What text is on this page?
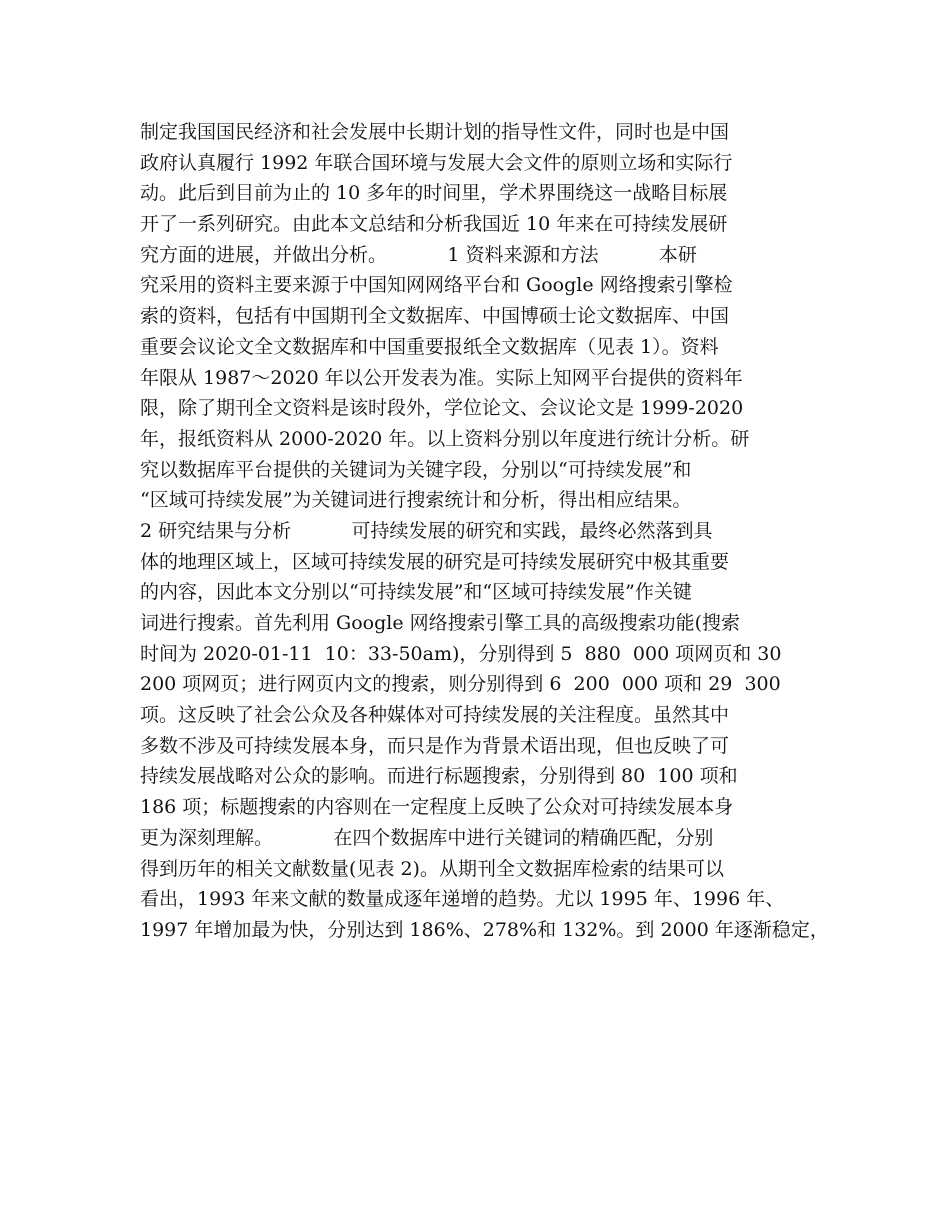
制定我国国民经济和社会发展中长期计划的指导性文件，同时也是中国
政府认真履行 1992 年联合国环境与发展大会文件的原则立场和实际行
动。此后到目前为止的 10 多年的时间里，学术界围绕这一战略目标展
开了一系列研究。由此本文总结和分析我国近 10 年来在可持续发展研
究方面的进展，并做出分析。          1 资料来源和方法          本研
究采用的资料主要来源于中国知网网络平台和 Google 网络搜索引擎检
索的资料，包括有中国期刊全文数据库、中国博硕士论文数据库、中国
重要会议论文全文数据库和中国重要报纸全文数据库（见表 1）。资料
年限从 1987～2020 年以公开发表为准。实际上知网平台提供的资料年
限，除了期刊全文资料是该时段外，学位论文、会议论文是 1999-2020
年，报纸资料从 2000-2020 年。以上资料分别以年度进行统计分析。研
究以数据库平台提供的关键词为关键字段，分别以“可持续发展”和
“区域可持续发展”为关键词进行搜索统计和分析，得出相应结果。
2 研究结果与分析          可持续发展的研究和实践，最终必然落到具
体的地理区域上，区域可持续发展的研究是可持续发展研究中极其重要
的内容，因此本文分别以“可持续发展”和“区域可持续发展”作关键
词进行搜索。首先利用 Google 网络搜索引擎工具的高级搜索功能(搜索
时间为 2020-01-11  10：33-50am)，分别得到 5  880  000 项网页和 30
200 项网页；进行网页内文的搜索，则分别得到 6  200  000 项和 29  300
项。这反映了社会公众及各种媒体对可持续发展的关注程度。虽然其中
多数不涉及可持续发展本身，而只是作为背景术语出现，但也反映了可
持续发展战略对公众的影响。而进行标题搜索，分别得到 80  100 项和
186 项；标题搜索的内容则在一定程度上反映了公众对可持续发展本身
更为深刻理解。          在四个数据库中进行关键词的精确匹配，分别
得到历年的相关文献数量(见表 2)。从期刊全文数据库检索的结果可以
看出，1993 年来文献的数量成逐年递增的趋势。尤以 1995 年、1996 年、
1997 年增加最为快，分别达到 186%、278%和 132%。到 2000 年逐渐稳定，
